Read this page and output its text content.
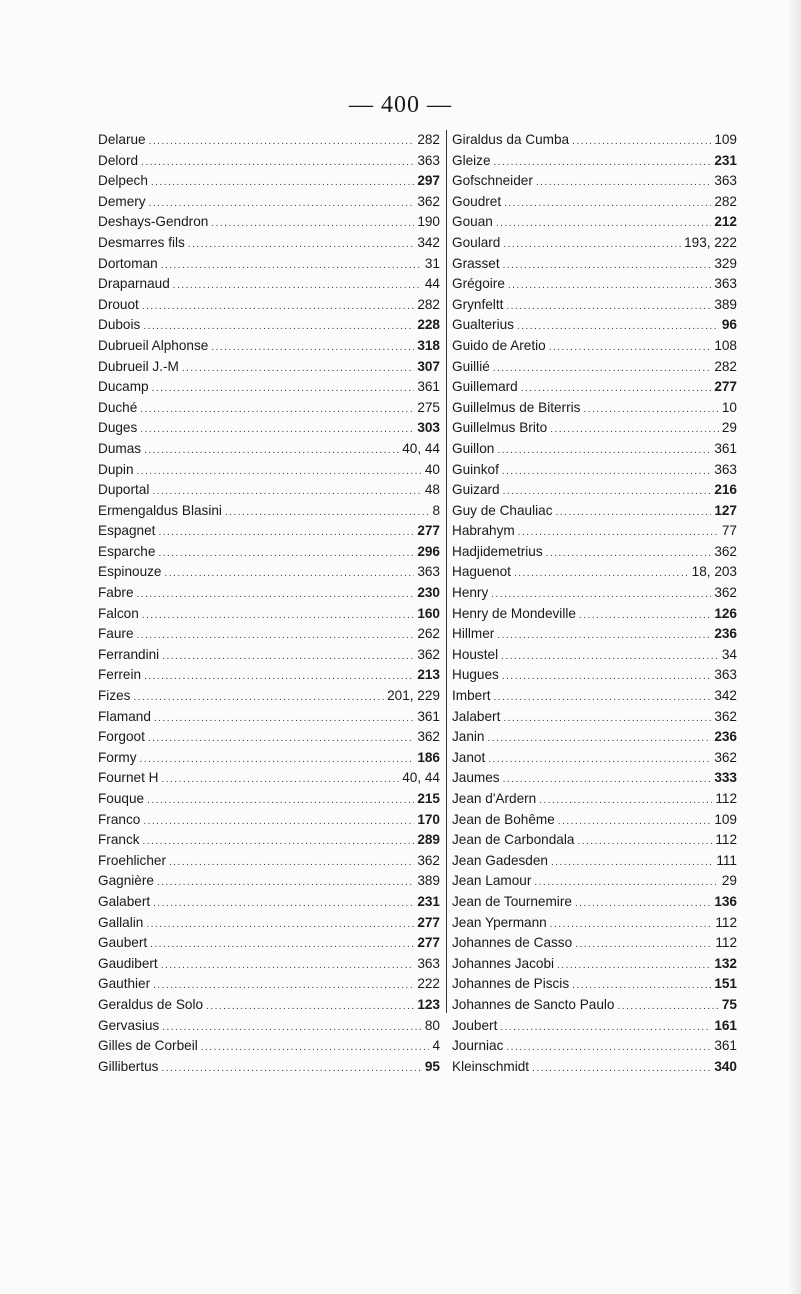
— 400 —
Delarue .....	282
Delord .....	363
Delpech .....	297
Demery .....	362
Deshays-Gendron .....	190
Desmarres fils .....	342
Dortoman .....	31
Draparnaud .....	44
Drouot .....	282
Dubois .....	228
Dubrueil Alphonse .....	318
Dubrueil J.-M .....	307
Ducamp .....	361
Duché .....	275
Duges .....	303
Dumas .....	40, 44
Dupin .....	40
Duportal .....	48
Ermengaldus Blasini .....	8
Espagnet .....	277
Esparche .....	296
Espinouze .....	363
Fabre .....	230
Falcon .....	160
Faure .....	262
Ferrandini .....	362
Ferrein .....	213
Fizes .....	201, 229
Flamand .....	361
Forgoot .....	362
Formy .....	186
Fournet H .....	40, 44
Fouque .....	215
Franco .....	170
Franck .....	289
Froehlicher .....	362
Gagnière .....	389
Galabert .....	231
Gallalin .....	277
Gaubert .....	277
Gaudibert .....	363
Gauthier .....	222
Geraldus de Solo .....	123
Gervasius .....	80
Gilles de Corbeil .....	4
Gillibertus .....	95
Giraldus da Cumba .....	109
Gleize .....	231
Gofschneider .....	363
Goudret .....	282
Gouan .....	212
Goulard .....	193, 222
Grasset .....	329
Grégoire .....	363
Grynfeltt .....	389
Gualterius .....	96
Guido de Aretio .....	108
Guillié .....	282
Guillemard .....	277
Guillelmus de Biterris .....	10
Guillelmus Brito .....	29
Guillon .....	361
Guinkof .....	363
Guizard .....	216
Guy de Chauliac .....	127
Habrahym .....	77
Hadjidemetrius .....	362
Haguenot .....	18, 203
Henry .....	362
Henry de Mondeville .....	126
Hillmer .....	236
Houstel .....	34
Hugues .....	363
Imbert .....	342
Jalabert .....	362
Janin .....	236
Janot .....	362
Jaumes .....	333
Jean d'Ardern .....	112
Jean de Bohême .....	109
Jean de Carbondala .....	112
Jean Gadesden .....	111
Jean Lamour .....	29
Jean de Tournemire .....	136
Jean Ypermann .....	112
Johannes de Casso .....	112
Johannes Jacobi .....	132
Johannes de Piscis .....	151
Johannes de Sancto Paulo .....	75
Joubert .....	161
Journiac .....	361
Kleinschmidt .....	340
